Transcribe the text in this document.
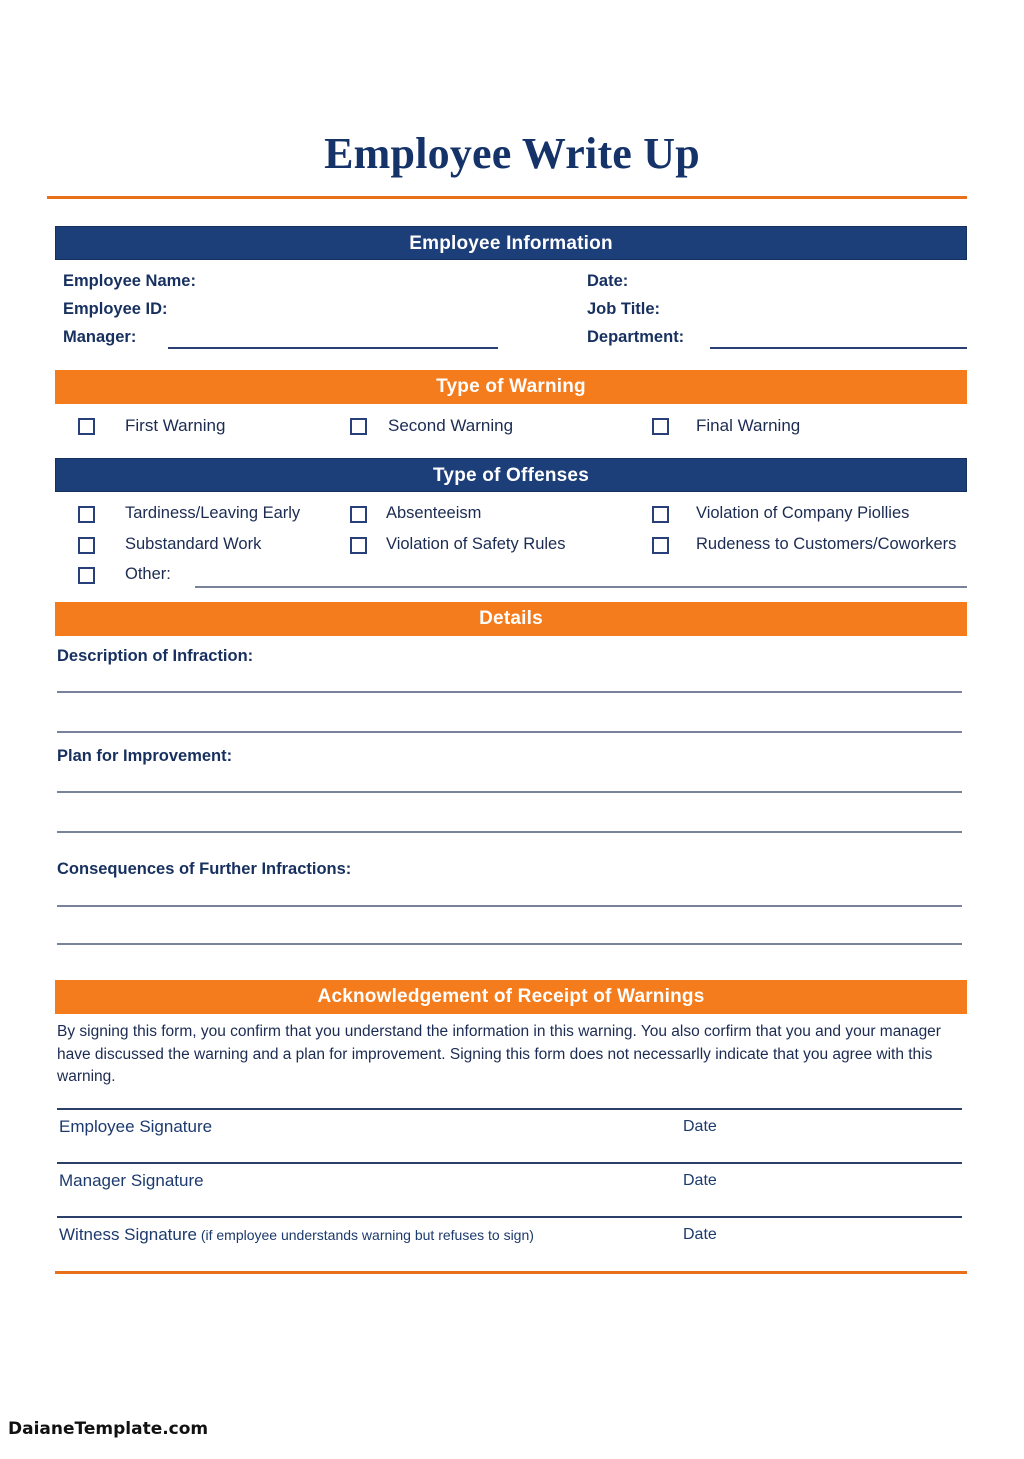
Employee Write Up
Employee Information
Employee Name:	Date:
Employee ID:	Job Title:
Manager:	Department:
Type of Warning
First Warning	Second Warning	Final Warning
Type of Offenses
Tardiness/Leaving Early	Absenteeism	Violation of Company Piollies
Substandard Work	Violation of Safety Rules	Rudeness to Customers/Coworkers
Other:
Details
Description of Infraction:
Plan for Improvement:
Consequences of Further Infractions:
Acknowledgement of Receipt of Warnings
By signing this form, you confirm that you understand the information in this warning. You also corfirm that you and your manager have discussed the warning and a plan for improvement. Signing this form does not necessarlly indicate that you agree with this warning.
Employee Signature	Date
Manager Signature	Date
Witness Signature (if employee understands warning but refuses to sign)	Date
DaianeTemplate.com
